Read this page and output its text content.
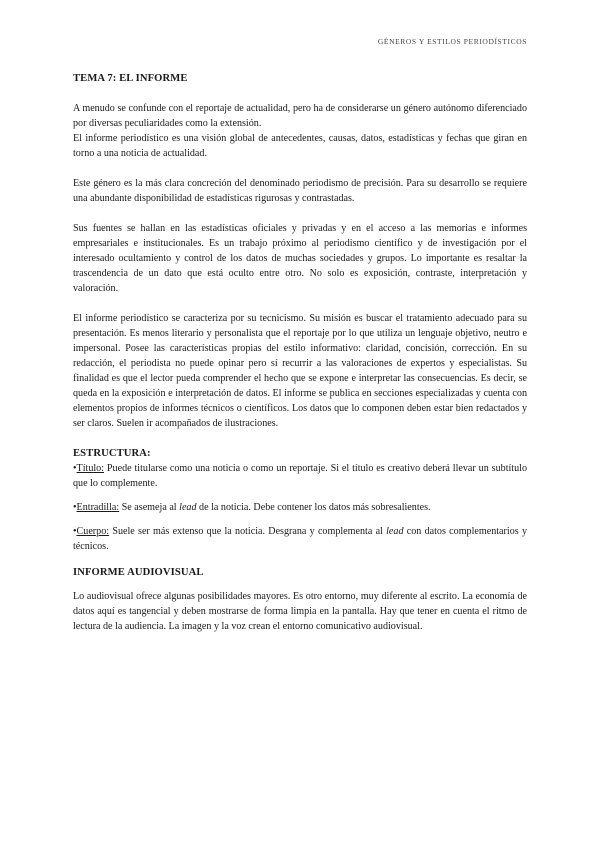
GÉNEROS Y ESTILOS PERIODÍSTICOS
TEMA 7: EL INFORME

A menudo se confunde con el reportaje de actualidad, pero ha de considerarse un género autónomo diferenciado por diversas peculiaridades como la extensión.

El informe periodístico es una visión global de antecedentes, causas, datos, estadísticas y fechas que giran en torno a una noticia de actualidad.

Este género es la más clara concreción del denominado periodismo de precisión. Para su desarrollo se requiere una abundante disponibilidad de estadísticas rigurosas y contrastadas.

Sus fuentes se hallan en las estadísticas oficiales y privadas y en el acceso a las memorias e informes empresariales e institucionales. Es un trabajo próximo al periodismo científico y de investigación por el interesado ocultamiento y control de los datos de muchas sociedades y grupos. Lo importante es resaltar la trascendencia de un dato que está oculto entre otro. No solo es exposición, contraste, interpretación y valoración.

El informe periodístico se caracteriza por su tecnicismo. Su misión es buscar el tratamiento adecuado para su presentación. Es menos literario y personalista que el reportaje por lo que utiliza un lenguaje objetivo, neutro e impersonal. Posee las características propias del estilo informativo: claridad, concisión, corrección. En su redacción, el periodista no puede opinar pero sí recurrir a las valoraciones de expertos y especialistas. Su finalidad es que el lector pueda comprender el hecho que se expone e interpretar las consecuencias. Es decir, se queda en la exposición e interpretación de datos. El informe se publica en secciones especializadas y cuenta con elementos propios de informes técnicos o científicos. Los datos que lo componen deben estar bien redactados y ser claros. Suelen ir acompañados de ilustraciones.

ESTRUCTURA:

•Título: Puede titularse como una noticia o como un reportaje. Si el título es creativo deberá llevar un subtítulo que lo complemente.

•Entradilla: Se asemeja al lead de la noticia. Debe contener los datos más sobresalientes.

•Cuerpo: Suele ser más extenso que la noticia. Desgrana y complementa al lead con datos complementarios y técnicos.

INFORME AUDIOVISUAL

Lo audiovisual ofrece algunas posibilidades mayores. Es otro entorno, muy diferente al escrito. La economía de datos aquí es tangencial y deben mostrarse de forma limpia en la pantalla. Hay que tener en cuenta el ritmo de lectura de la audiencia. La imagen y la voz crean el entorno comunicativo audiovisual.
